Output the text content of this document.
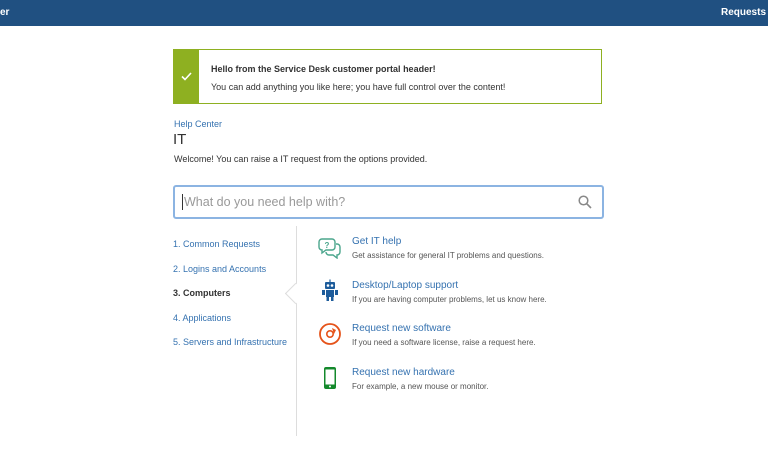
er	Requests
Hello from the Service Desk customer portal header!
You can add anything you like here; you have full control over the content!
Help Center
IT
Welcome! You can raise a IT request from the options provided.
What do you need help with?
1. Common Requests
2. Logins and Accounts
3. Computers
4. Applications
5. Servers and Infrastructure
? Get IT help
Get assistance for general IT problems and questions.
Desktop/Laptop support
If you are having computer problems, let us know here.
Request new software
If you need a software license, raise a request here.
Request new hardware
For example, a new mouse or monitor.
